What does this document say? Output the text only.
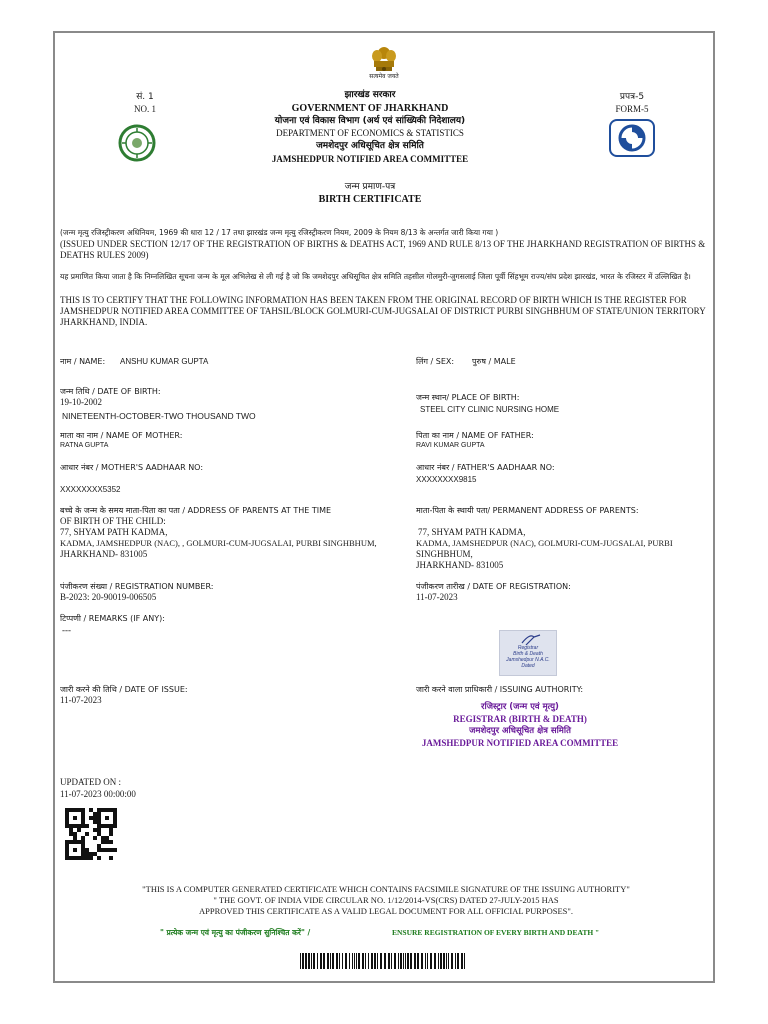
सत्यमेव जयते
सं. 1
NO. 1
प्रपत्र-5
FORM-5
झारखंड सरकार
GOVERNMENT OF JHARKHAND
योजना एवं विकास विभाग (अर्थ एवं सांख्यिकी निदेशालय)
DEPARTMENT OF ECONOMICS & STATISTICS
जमशेदपुर अधिसूचित क्षेत्र समिति
JAMSHEDPUR NOTIFIED AREA COMMITTEE
जन्म प्रमाण-पत्र
BIRTH CERTIFICATE
(जन्म मृत्यु रजिस्ट्रीकरण अधिनियम, 1969 की धारा 12 / 17 तथा झारखंड जन्म मृत्यु रजिस्ट्रीकरण नियम, 2009 के नियम 8/13 के अन्तर्गत जारी किया गया )
(ISSUED UNDER SECTION 12/17 OF THE REGISTRATION OF BIRTHS & DEATHS ACT, 1969 AND RULE 8/13 OF THE JHARKHAND REGISTRATION OF BIRTHS & DEATHS RULES 2009)
यह प्रमाणित किया जाता है कि निम्नलिखित सूचना जन्म के मूल अभिलेख से ली गई है जो कि जमशेदपुर अधिसूचित क्षेत्र समिति तहसील गोलमुरी-जुगसलाई जिला पूर्वी सिंहभूम राज्य/संघ प्रदेश झारखंड, भारत के रजिस्टर में उल्लिखित है।
THIS IS TO CERTIFY THAT THE FOLLOWING INFORMATION HAS BEEN TAKEN FROM THE ORIGINAL RECORD OF BIRTH WHICH IS THE REGISTER FOR JAMSHEDPUR NOTIFIED AREA COMMITTEE OF TAHSIL/BLOCK GOLMURI-CUM-JUGSALAI OF DISTRICT PURBI SINGHBHUM OF STATE/UNION TERRITORY JHARKHAND, INDIA.
नाम / NAME: ANSHU KUMAR GUPTA	लिंग / SEX: पुरुष / MALE
जन्म तिथि / DATE OF BIRTH:
19-10-2002
NINETEENTH-OCTOBER-TWO THOUSAND TWO
जन्म स्थान/ PLACE OF BIRTH:
STEEL CITY CLINIC NURSING HOME
माता का नाम / NAME OF MOTHER:
RATNA GUPTA
पिता का नाम / NAME OF FATHER:
RAVI KUMAR GUPTA
आधार नंबर / MOTHER'S AADHAAR NO:
XXXXXXXX5352
आधार नंबर / FATHER'S AADHAAR NO:
XXXXXXXX9815
बच्चे के जन्म के समय माता-पिता का पता / ADDRESS OF PARENTS AT THE TIME
OF BIRTH OF THE CHILD:
77, SHYAM PATH KADMA,
KADMA, JAMSHEDPUR (NAC), , GOLMURI-CUM-JUGSALAI, PURBI SINGHBHUM,
JHARKHAND- 831005
माता-पिता के स्थायी पता/ PERMANENT ADDRESS OF PARENTS:
77, SHYAM PATH KADMA,
KADMA, JAMSHEDPUR (NAC), GOLMURI-CUM-JUGSALAI, PURBI
SINGHBHUM,
JHARKHAND- 831005
पंजीकरण संख्या / REGISTRATION NUMBER:
B-2023: 20-90019-006505
पंजीकरण तारीख / DATE OF REGISTRATION:
11-07-2023
टिप्पणी / REMARKS (IF ANY):
---
Registrar
Birth & Death
Jamshedpur N.A.C.
Dated
जारी करने की तिथि / DATE OF ISSUE:
11-07-2023
जारी करने वाला प्राधिकारी / ISSUING AUTHORITY:
रजिस्ट्रार (जन्म एवं मृत्यु)
REGISTRAR (BIRTH & DEATH)
जमशेदपुर अधिसूचित क्षेत्र समिति
JAMSHEDPUR NOTIFIED AREA COMMITTEE
UPDATED ON :
11-07-2023 00:00:00
"THIS IS A COMPUTER GENERATED CERTIFICATE WHICH CONTAINS FACSIMILE SIGNATURE OF THE ISSUING AUTHORITY"
" THE GOVT. OF INDIA VIDE CIRCULAR NO. 1/12/2014-VS(CRS) DATED 27-JULY-2015 HAS
APPROVED THIS CERTIFICATE AS A VALID LEGAL DOCUMENT FOR ALL OFFICIAL PURPOSES".
" प्रत्येक जन्म एवं मृत्यु का पंजीकरण सुनिश्चित करें" /	ENSURE REGISTRATION OF EVERY BIRTH AND DEATH "
